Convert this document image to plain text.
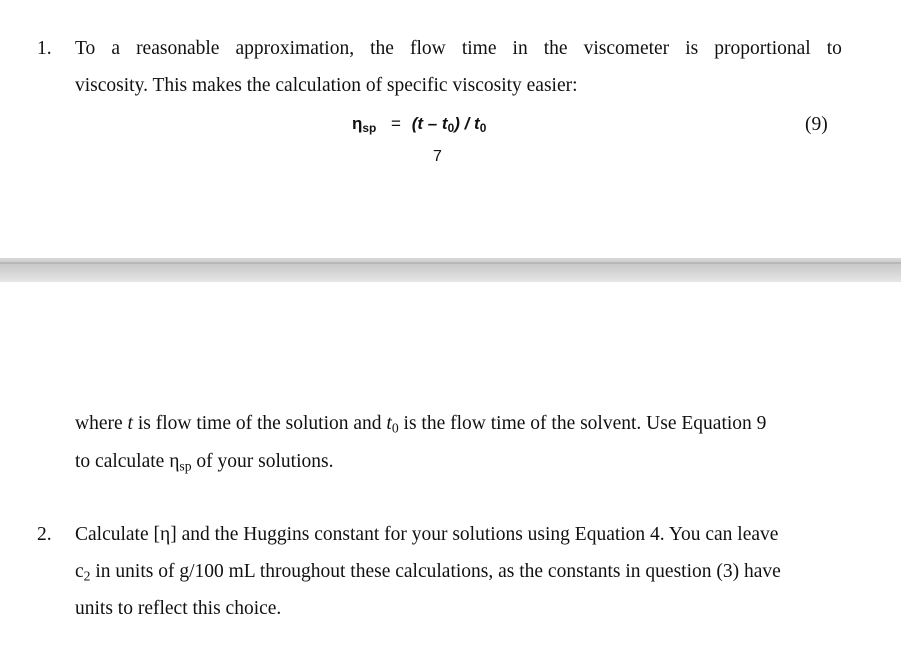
1. To a reasonable approximation, the flow time in the viscometer is proportional to
viscosity. This makes the calculation of specific viscosity easier:
$\eta_{sp} = (t - t_0) / t_0$	(9)
7
where t is flow time of the solution and $t_0$ is the flow time of the solvent. Use Equation 9
to calculate $\eta_{sp}$ of your solutions.
2. Calculate [η] and the Huggins constant for your solutions using Equation 4. You can leave
$c_2$ in units of g/100 mL throughout these calculations, as the constants in question (3) have
units to reflect this choice.
